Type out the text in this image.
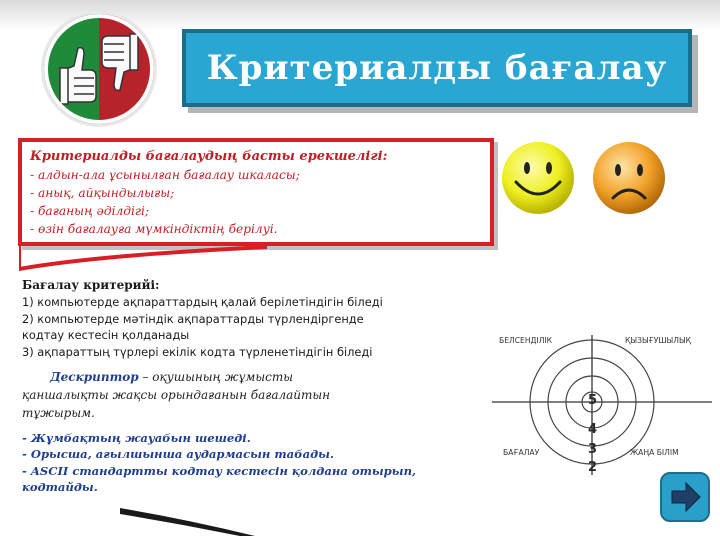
Критериалды бағалау
Критериалды бағалаудың басты ерекшелігі:
- алдын-ала ұсынылған бағалау шкаласы;
- анық, айқындылығы;
- бағаның әділдігі;
- өзін бағалауға мүмкіндіктің берілуі.
Бағалау критерийі:
1) компьютерде ақпараттардың қалай берілетіндігін біледі
2) компьютерде мәтіндік ақпараттарды түрлендіргенде
кодтау кестесін қолданады
3) ақпараттың түрлері екілік кодта түрленетіндігін біледі
Дескриптор – оқушының жұмысты
қаншалықты жақсы орындағанын бағалайтын
тұжырым.
- Жұмбақтың жауабын шешеді.
- Орысша, ағылшынша аудармасын табады.
- ASCII стандартты кодтау кестесін қолдана отырып,
кодтайды.
БЕЛСЕНДІЛІК	ҚЫЗЫҒУШЫЛЫҚ
БАҒАЛАУ	ЖАҢА БІЛІМ
5
4
3
2
